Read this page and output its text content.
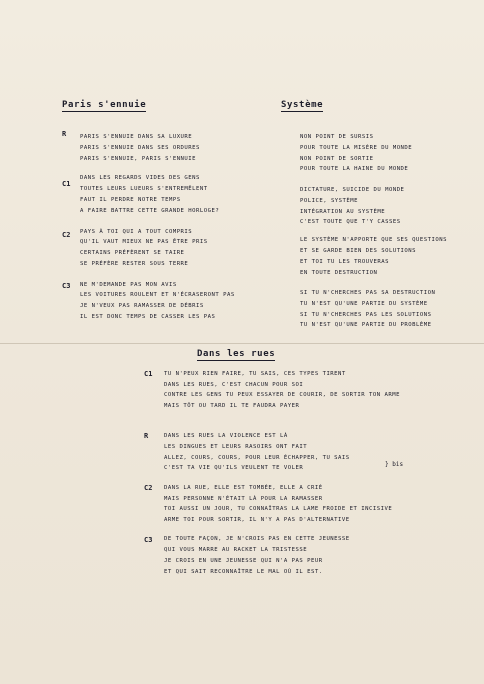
Paris s'ennuie
R PARIS S'ENNUIE DANS SA LUXURE
PARIS S'ENNUIE DANS SES ORDURES
PARIS S'ENNUIE, PARIS S'ENNUIE
C1
DANS LES REGARDS VIDES DES GENS
TOUTES LEURS LUEURS S'ENTREMÊLENT
FAUT IL PERDRE NOTRE TEMPS
A FAIRE BATTRE CETTE GRANDE HORLOGE?
C2 PAYS À TOI QUI A TOUT COMPRIS
QU'IL VAUT MIEUX NE PAS ÊTRE PRIS
CERTAINS PRÉFÈRENT SE TAIRE
SE PRÉFÈRE RESTER SOUS TERRE
C3 NE M'DEMANDE PAS MON AVIS
LES VOITURES ROULENT ET N'ÉCRASERONT PAS
JE N'VEUX PAS RAMASSER DE DÉBRIS
IL EST DONC TEMPS DE CASSER LES PAS
Système
NON POINT DE SURSIS
POUR TOUTE LA MISÈRE DU MONDE
NON POINT DE SORTIE
POUR TOUTE LA HAINE DU MONDE
DICTATURE, SUICIDE DU MONDE
POLICE, SYSTÈME
INTÉGRATION AU SYSTÈME
C'EST TOUTE QUE T'Y CASSES
LE SYSTÈME N'APPORTE QUE SES QUESTIONS
ET SE GARDE BIEN DES SOLUTIONS
ET TOI TU LES TROUVERAS
EN TOUTE DESTRUCTION
SI TU N'CHERCHES PAS SA DESTRUCTION
TU N'EST QU'UNE PARTIE DU SYSTÈME
SI TU N'CHERCHES PAS LES SOLUTIONS
TU N'EST QU'UNE PARTIE DU PROBLÈME
Dans les rues
C1 TU N'PEUX RIEN FAIRE, TU SAIS, CES TYPES TIRENT
DANS LES RUES, C'EST CHACUN POUR SOI
CONTRE LES GENS TU PEUX ESSAYER DE COURIR, DE SORTIR TON ARME
MAIS TÔT OU TARD IL TE FAUDRA PAYER
R	DANS LES RUES LA VIOLENCE EST LÀ
LES DINGUES ET LEURS RASOIRS ONT FAIT
ALLEZ, COURS, COURS, POUR LEUR ÉCHAPPER, TU SAIS
C'EST TA VIE QU'ILS VEULENT TE VOLER	} bis
C2 DANS LA RUE, ELLE EST TOMBÉE, ELLE A CRIÉ
MAIS PERSONNE N'ÉTAIT LÀ POUR LA RAMASSER
TOI AUSSI UN JOUR, TU CONNAÎTRAS LA LAME FROIDE ET INCISIVE
ARME TOI POUR SORTIR, IL N'Y A PAS D'ALTERNATIVE
C3 DE TOUTE FAÇON, JE N'CROIS PAS EN CETTE JEUNESSE
QUI VOUS MARRE AU RACKET LA TRISTESSE
JE CROIS EN UNE JEUNESSE QUI N'A PAS PEUR
ET QUI SAIT RECONNAÎTRE LE MAL OÙ IL EST.
